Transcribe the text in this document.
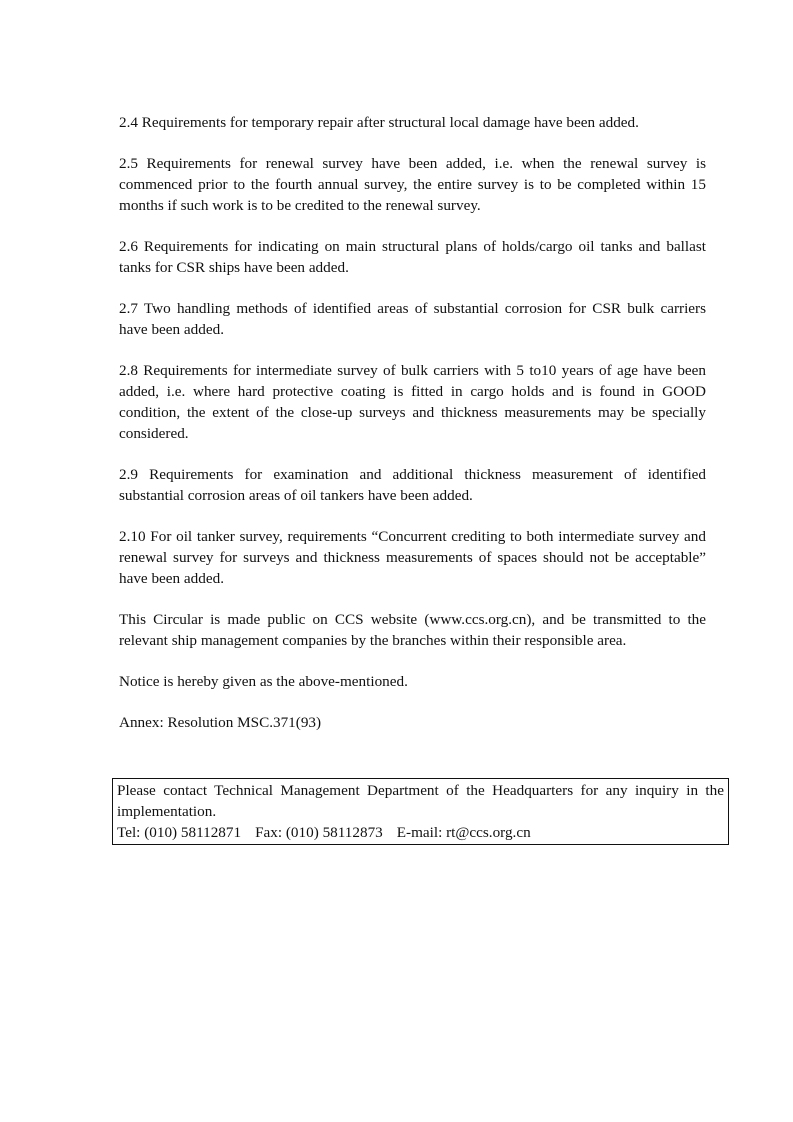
2.4 Requirements for temporary repair after structural local damage have been added.

2.5 Requirements for renewal survey have been added, i.e. when the renewal survey is commenced prior to the fourth annual survey, the entire survey is to be completed within 15 months if such work is to be credited to the renewal survey.

2.6 Requirements for indicating on main structural plans of holds/cargo oil tanks and ballast tanks for CSR ships have been added.

2.7 Two handling methods of identified areas of substantial corrosion for CSR bulk carriers have been added.

2.8 Requirements for intermediate survey of bulk carriers with 5 to10 years of age have been added, i.e. where hard protective coating is fitted in cargo holds and is found in GOOD condition, the extent of the close-up surveys and thickness measurements may be specially considered.

2.9 Requirements for examination and additional thickness measurement of identified substantial corrosion areas of oil tankers have been added.

2.10 For oil tanker survey, requirements “Concurrent crediting to both intermediate survey and renewal survey for surveys and thickness measurements of spaces should not be acceptable” have been added.

This Circular is made public on CCS website (www.ccs.org.cn), and be transmitted to the relevant ship management companies by the branches within their responsible area.

Notice is hereby given as the above-mentioned.

Annex: Resolution MSC.371(93)

Please contact Technical Management Department of the Headquarters for any inquiry in the implementation.
Tel: (010) 58112871 Fax: (010) 58112873 E-mail: rt@ccs.org.cn
